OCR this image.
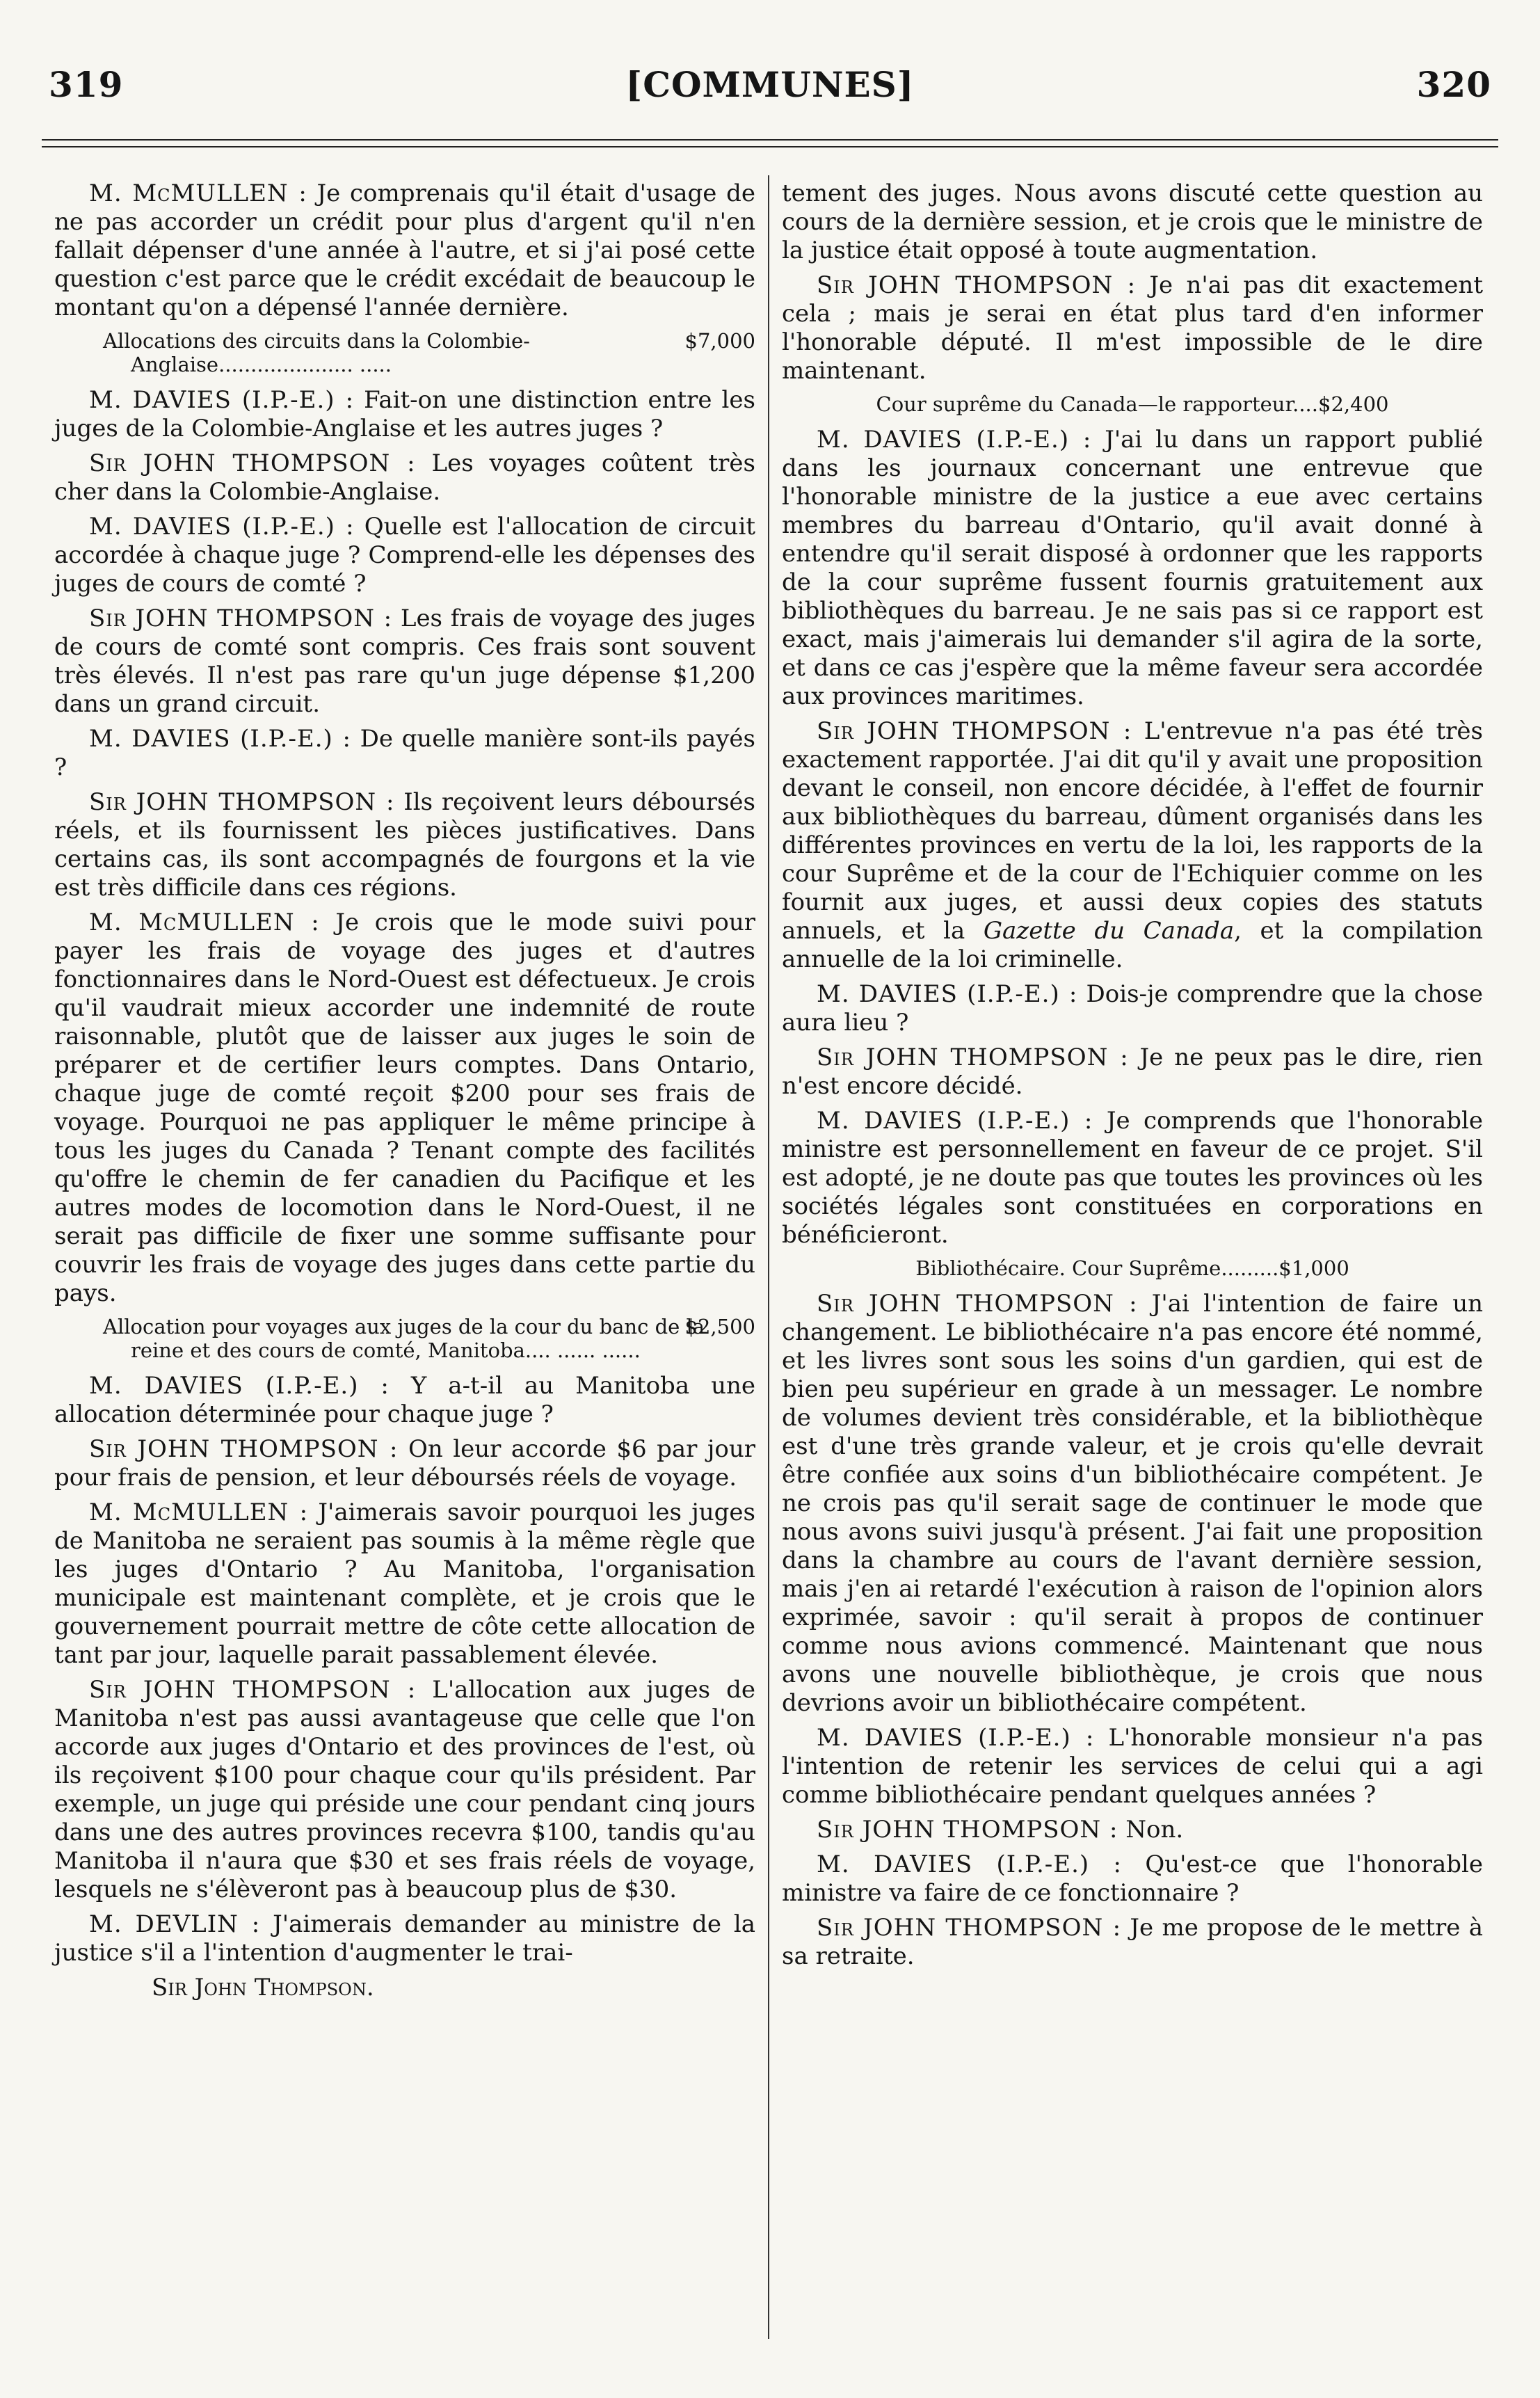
319	[COMMUNES]	320

M. McMULLEN : Je comprenais qu'il était d'usage de ne pas accorder un crédit pour plus d'argent qu'il n'en fallait dépenser d'une année à l'autre, et si j'ai posé cette question c'est parce que le crédit excédait de beaucoup le montant qu'on a dépensé l'année dernière.

$7,000
Allocations des circuits dans la Colombie-Anglaise..................... .....

M. DAVIES (I.P.-E.) : Fait-on une distinction entre les juges de la Colombie-Anglaise et les autres juges ?

Sir JOHN THOMPSON : Les voyages coûtent très cher dans la Colombie-Anglaise.

M. DAVIES (I.P.-E.) : Quelle est l'allocation de circuit accordée à chaque juge ? Comprend-elle les dépenses des juges de cours de comté ?

Sir JOHN THOMPSON : Les frais de voyage des juges de cours de comté sont compris. Ces frais sont souvent très élevés. Il n'est pas rare qu'un juge dépense $1,200 dans un grand circuit.

M. DAVIES (I.P.-E.) : De quelle manière sont-ils payés ?

Sir JOHN THOMPSON : Ils reçoivent leurs déboursés réels, et ils fournissent les pièces justificatives. Dans certains cas, ils sont accompagnés de fourgons et la vie est très difficile dans ces régions.

M. McMULLEN : Je crois que le mode suivi pour payer les frais de voyage des juges et d'autres fonctionnaires dans le Nord-Ouest est défectueux. Je crois qu'il vaudrait mieux accorder une indemnité de route raisonnable, plutôt que de laisser aux juges le soin de préparer et de certifier leurs comptes. Dans Ontario, chaque juge de comté reçoit $200 pour ses frais de voyage. Pourquoi ne pas appliquer le même principe à tous les juges du Canada ? Tenant compte des facilités qu'offre le chemin de fer canadien du Pacifique et les autres modes de locomotion dans le Nord-Ouest, il ne serait pas difficile de fixer une somme suffisante pour couvrir les frais de voyage des juges dans cette partie du pays.

$2,500
Allocation pour voyages aux juges de la cour du banc de la reine et des cours de comté, Manitoba.... ...... ......

M. DAVIES (I.P.-E.) : Y a-t-il au Manitoba une allocation déterminée pour chaque juge ?

Sir JOHN THOMPSON : On leur accorde $6 par jour pour frais de pension, et leur déboursés réels de voyage.

M. McMULLEN : J'aimerais savoir pourquoi les juges de Manitoba ne seraient pas soumis à la même règle que les juges d'Ontario ? Au Manitoba, l'organisation municipale est maintenant complète, et je crois que le gouvernement pourrait mettre de côte cette allocation de tant par jour, laquelle parait passablement élevée.

Sir JOHN THOMPSON : L'allocation aux juges de Manitoba n'est pas aussi avantageuse que celle que l'on accorde aux juges d'Ontario et des provinces de l'est, où ils reçoivent $100 pour chaque cour qu'ils président. Par exemple, un juge qui préside une cour pendant cinq jours dans une des autres provinces recevra $100, tandis qu'au Manitoba il n'aura que $30 et ses frais réels de voyage, lesquels ne s'élèveront pas à beaucoup plus de $30.

M. DEVLIN : J'aimerais demander au ministre de la justice s'il a l'intention d'augmenter le trai-

Sir John Thompson.

tement des juges. Nous avons discuté cette question au cours de la dernière session, et je crois que le ministre de la justice était opposé à toute augmentation.

Sir JOHN THOMPSON : Je n'ai pas dit exactement cela ; mais je serai en état plus tard d'en informer l'honorable député. Il m'est impossible de le dire maintenant.

Cour suprême du Canada—le rapporteur....$2,400

M. DAVIES (I.P.-E.) : J'ai lu dans un rapport publié dans les journaux concernant une entrevue que l'honorable ministre de la justice a eue avec certains membres du barreau d'Ontario, qu'il avait donné à entendre qu'il serait disposé à ordonner que les rapports de la cour suprême fussent fournis gratuitement aux bibliothèques du barreau. Je ne sais pas si ce rapport est exact, mais j'aimerais lui demander s'il agira de la sorte, et dans ce cas j'espère que la même faveur sera accordée aux provinces maritimes.

Sir JOHN THOMPSON : L'entrevue n'a pas été très exactement rapportée. J'ai dit qu'il y avait une proposition devant le conseil, non encore décidée, à l'effet de fournir aux bibliothèques du barreau, dûment organisés dans les différentes provinces en vertu de la loi, les rapports de la cour Suprême et de la cour de l'Echiquier comme on les fournit aux juges, et aussi deux copies des statuts annuels, et la Gazette du Canada, et la compilation annuelle de la loi criminelle.

M. DAVIES (I.P.-E.) : Dois-je comprendre que la chose aura lieu ?

Sir JOHN THOMPSON : Je ne peux pas le dire, rien n'est encore décidé.

M. DAVIES (I.P.-E.) : Je comprends que l'honorable ministre est personnellement en faveur de ce projet. S'il est adopté, je ne doute pas que toutes les provinces où les sociétés légales sont constituées en corporations en bénéficieront.

Bibliothécaire. Cour Suprême.........$1,000

Sir JOHN THOMPSON : J'ai l'intention de faire un changement. Le bibliothécaire n'a pas encore été nommé, et les livres sont sous les soins d'un gardien, qui est de bien peu supérieur en grade à un messager. Le nombre de volumes devient très considérable, et la bibliothèque est d'une très grande valeur, et je crois qu'elle devrait être confiée aux soins d'un bibliothécaire compétent. Je ne crois pas qu'il serait sage de continuer le mode que nous avons suivi jusqu'à présent. J'ai fait une proposition dans la chambre au cours de l'avant dernière session, mais j'en ai retardé l'exécution à raison de l'opinion alors exprimée, savoir : qu'il serait à propos de continuer comme nous avions commencé. Maintenant que nous avons une nouvelle bibliothèque, je crois que nous devrions avoir un bibliothécaire compétent.

M. DAVIES (I.P.-E.) : L'honorable monsieur n'a pas l'intention de retenir les services de celui qui a agi comme bibliothécaire pendant quelques années ?

Sir JOHN THOMPSON : Non.

M. DAVIES (I.P.-E.) : Qu'est-ce que l'honorable ministre va faire de ce fonctionnaire ?

Sir JOHN THOMPSON : Je me propose de le mettre à sa retraite.
